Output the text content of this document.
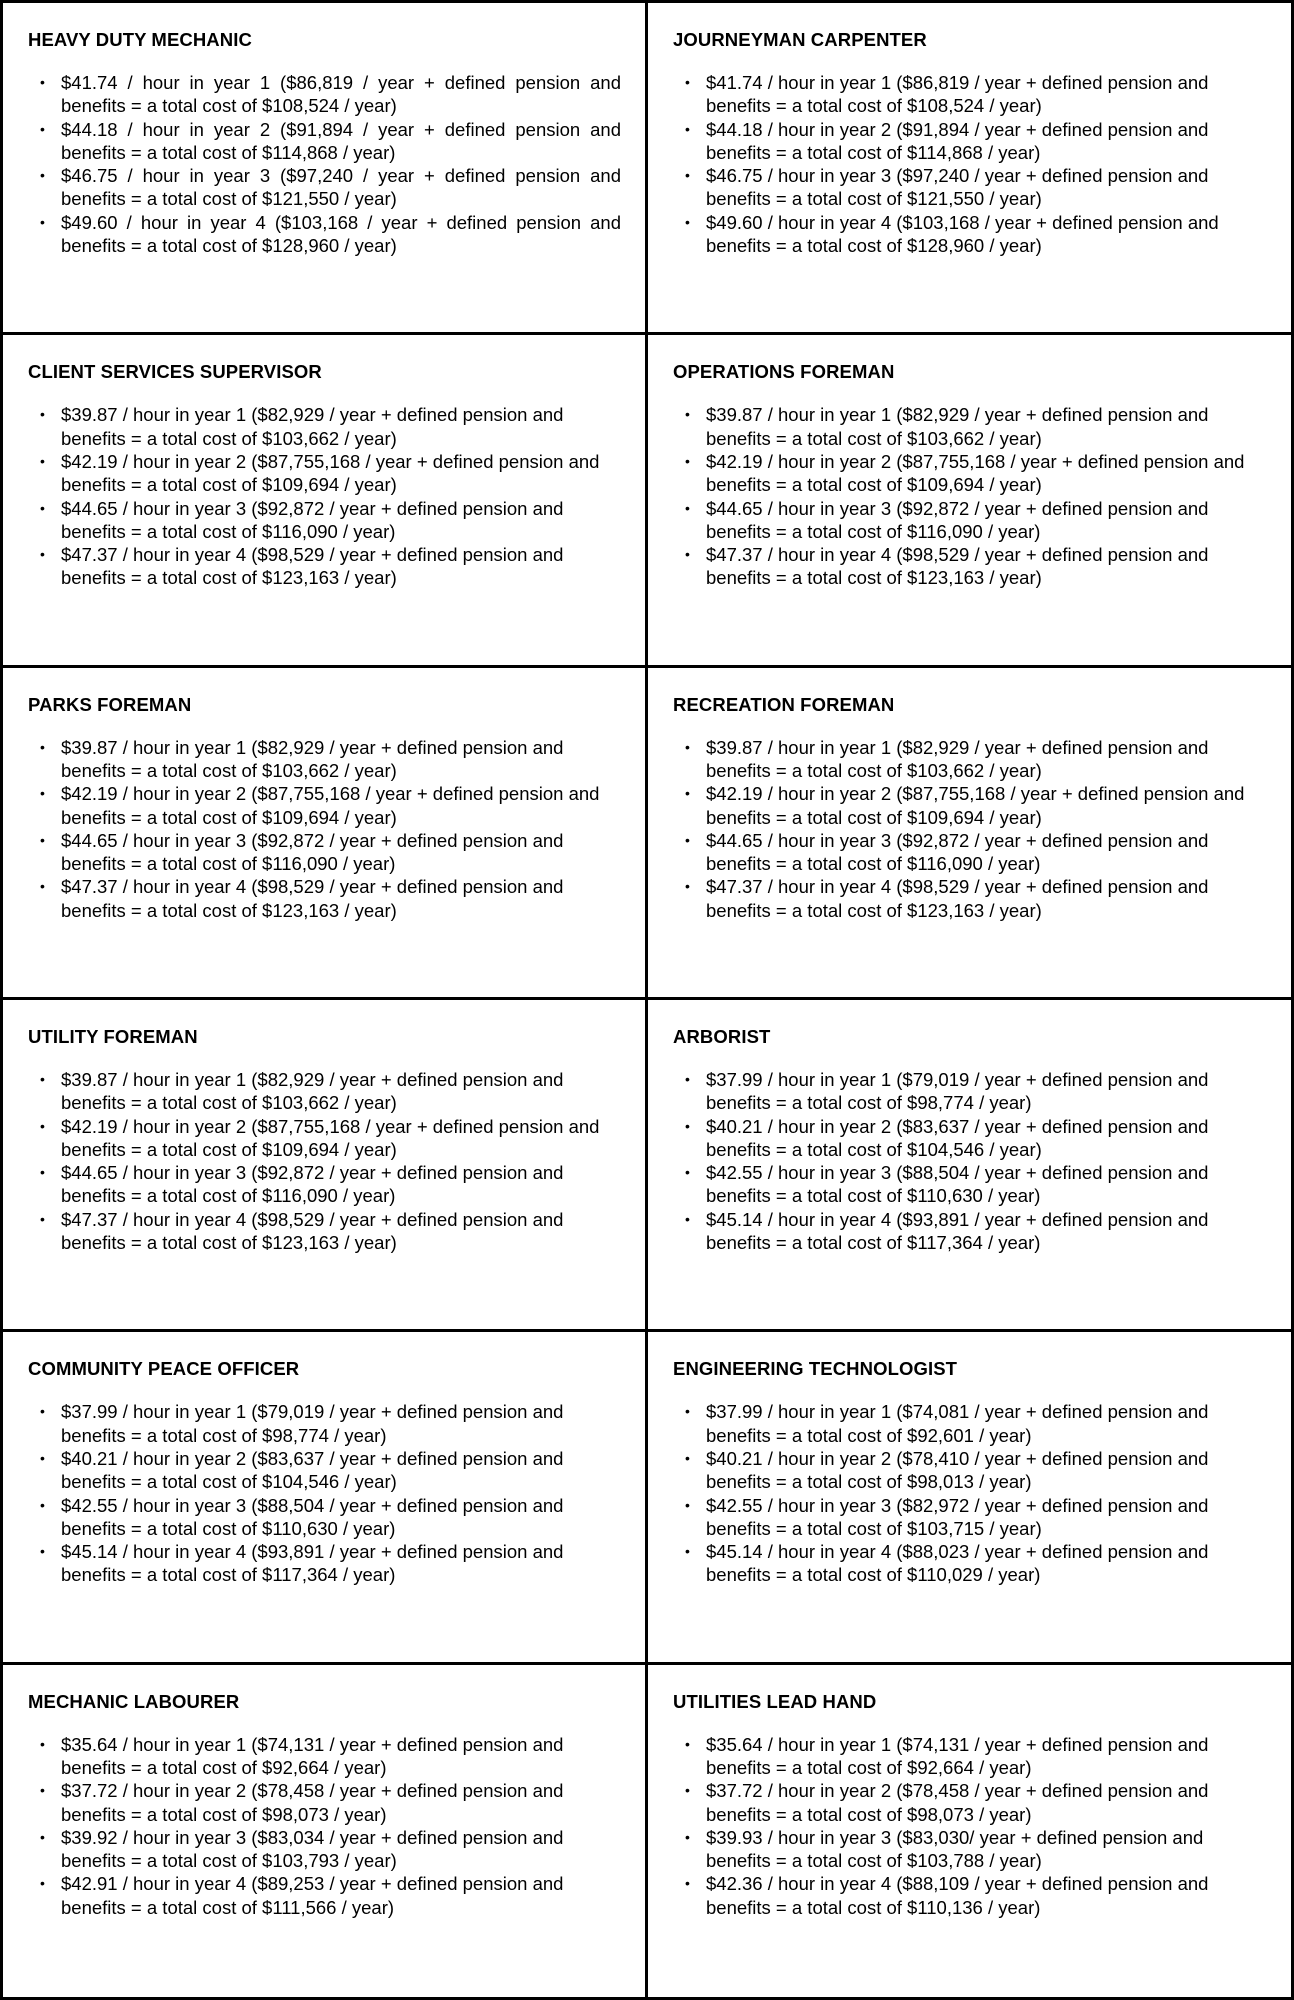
HEAVY DUTY MECHANIC
• $41.74 / hour in year 1 ($86,819 / year + defined pension and benefits = a total cost of $108,524 / year)
• $44.18 / hour in year 2 ($91,894 / year + defined pension and benefits = a total cost of $114,868 / year)
• $46.75 / hour in year 3 ($97,240 / year + defined pension and benefits = a total cost of $121,550 / year)
• $49.60 / hour in year 4 ($103,168 / year + defined pension and benefits = a total cost of $128,960 / year)
JOURNEYMAN CARPENTER
• $41.74 / hour in year 1 ($86,819 / year + defined pension and benefits = a total cost of $108,524 / year)
• $44.18 / hour in year 2 ($91,894 / year + defined pension and benefits = a total cost of $114,868 / year)
• $46.75 / hour in year 3 ($97,240 / year + defined pension and benefits = a total cost of $121,550 / year)
• $49.60 / hour in year 4 ($103,168 / year + defined pension and benefits = a total cost of $128,960 / year)
CLIENT SERVICES SUPERVISOR
• $39.87 / hour in year 1 ($82,929 / year + defined pension and benefits = a total cost of $103,662 / year)
• $42.19 / hour in year 2 ($87,755,168 / year + defined pension and benefits = a total cost of $109,694 / year)
• $44.65 / hour in year 3 ($92,872 / year + defined pension and benefits = a total cost of $116,090 / year)
• $47.37 / hour in year 4 ($98,529 / year + defined pension and benefits = a total cost of $123,163 / year)
OPERATIONS FOREMAN
• $39.87 / hour in year 1 ($82,929 / year + defined pension and benefits = a total cost of $103,662 / year)
• $42.19 / hour in year 2 ($87,755,168 / year + defined pension and benefits = a total cost of $109,694 / year)
• $44.65 / hour in year 3 ($92,872 / year + defined pension and benefits = a total cost of $116,090 / year)
• $47.37 / hour in year 4 ($98,529 / year + defined pension and benefits = a total cost of $123,163 / year)
PARKS FOREMAN
• $39.87 / hour in year 1 ($82,929 / year + defined pension and benefits = a total cost of $103,662 / year)
• $42.19 / hour in year 2 ($87,755,168 / year + defined pension and benefits = a total cost of $109,694 / year)
• $44.65 / hour in year 3 ($92,872 / year + defined pension and benefits = a total cost of $116,090 / year)
• $47.37 / hour in year 4 ($98,529 / year + defined pension and benefits = a total cost of $123,163 / year)
RECREATION FOREMAN
• $39.87 / hour in year 1 ($82,929 / year + defined pension and benefits = a total cost of $103,662 / year)
• $42.19 / hour in year 2 ($87,755,168 / year + defined pension and benefits = a total cost of $109,694 / year)
• $44.65 / hour in year 3 ($92,872 / year + defined pension and benefits = a total cost of $116,090 / year)
• $47.37 / hour in year 4 ($98,529 / year + defined pension and benefits = a total cost of $123,163 / year)
UTILITY FOREMAN
• $39.87 / hour in year 1 ($82,929 / year + defined pension and benefits = a total cost of $103,662 / year)
• $42.19 / hour in year 2 ($87,755,168 / year + defined pension and benefits = a total cost of $109,694 / year)
• $44.65 / hour in year 3 ($92,872 / year + defined pension and benefits = a total cost of $116,090 / year)
• $47.37 / hour in year 4 ($98,529 / year + defined pension and benefits = a total cost of $123,163 / year)
ARBORIST
• $37.99 / hour in year 1 ($79,019 / year + defined pension and benefits = a total cost of $98,774 / year)
• $40.21 / hour in year 2 ($83,637 / year + defined pension and benefits = a total cost of $104,546 / year)
• $42.55 / hour in year 3 ($88,504 / year + defined pension and benefits = a total cost of $110,630 / year)
• $45.14 / hour in year 4 ($93,891 / year + defined pension and benefits = a total cost of $117,364 / year)
COMMUNITY PEACE OFFICER
• $37.99 / hour in year 1 ($79,019 / year + defined pension and benefits = a total cost of $98,774 / year)
• $40.21 / hour in year 2 ($83,637 / year + defined pension and benefits = a total cost of $104,546 / year)
• $42.55 / hour in year 3 ($88,504 / year + defined pension and benefits = a total cost of $110,630 / year)
• $45.14 / hour in year 4 ($93,891 / year + defined pension and benefits = a total cost of $117,364 / year)
ENGINEERING TECHNOLOGIST
• $37.99 / hour in year 1 ($74,081 / year + defined pension and benefits = a total cost of $92,601 / year)
• $40.21 / hour in year 2 ($78,410 / year + defined pension and benefits = a total cost of $98,013 / year)
• $42.55 / hour in year 3 ($82,972 / year + defined pension and benefits = a total cost of $103,715 / year)
• $45.14 / hour in year 4 ($88,023 / year + defined pension and benefits = a total cost of $110,029 / year)
MECHANIC LABOURER
• $35.64 / hour in year 1 ($74,131 / year + defined pension and benefits = a total cost of $92,664 / year)
• $37.72 / hour in year 2 ($78,458 / year + defined pension and benefits = a total cost of $98,073 / year)
• $39.92 / hour in year 3 ($83,034 / year + defined pension and benefits = a total cost of $103,793 / year)
• $42.91 / hour in year 4 ($89,253 / year + defined pension and benefits = a total cost of $111,566 / year)
UTILITIES LEAD HAND
• $35.64 / hour in year 1 ($74,131 / year + defined pension and benefits = a total cost of $92,664 / year)
• $37.72 / hour in year 2 ($78,458 / year + defined pension and benefits = a total cost of $98,073 / year)
• $39.93 / hour in year 3 ($83,030/ year + defined pension and benefits = a total cost of $103,788 / year)
• $42.36 / hour in year 4 ($88,109 / year + defined pension and benefits = a total cost of $110,136 / year)
